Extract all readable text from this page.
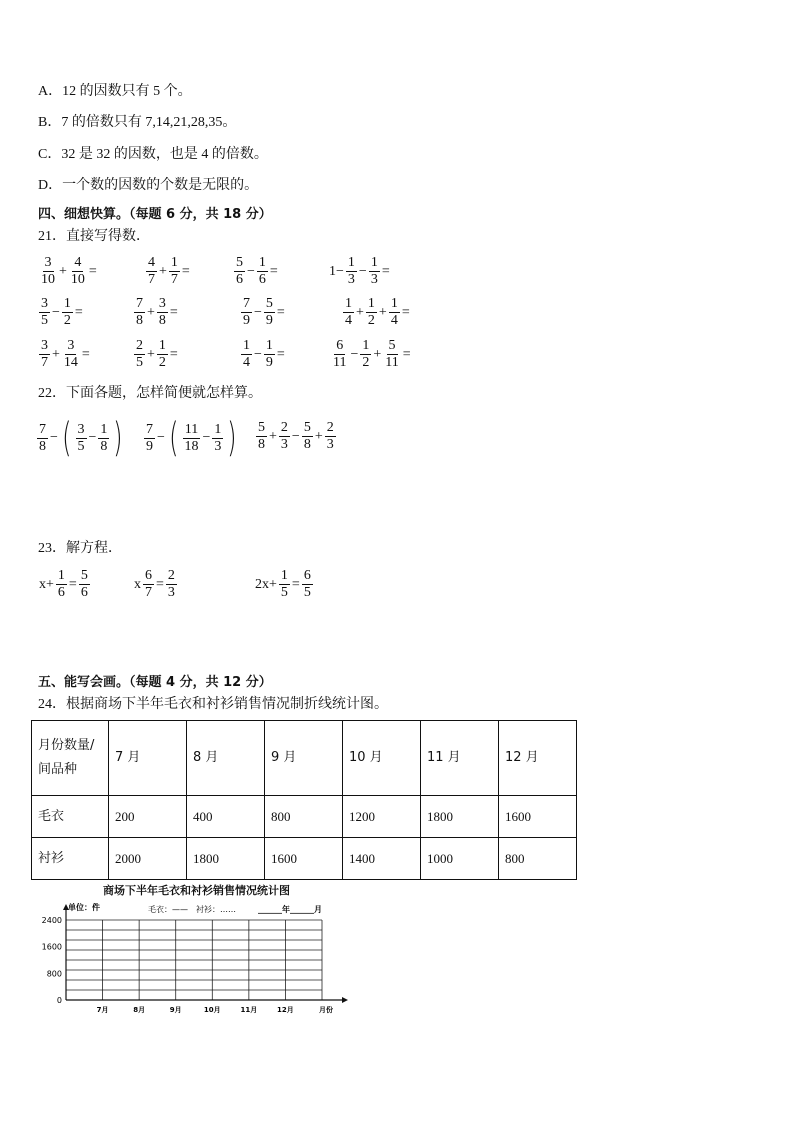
A．12 的因数只有 5 个。
B．7 的倍数只有 7,14,21,28,35。
C．32 是 32 的因数，也是 4 的倍数。
D．一个数的因数的个数是无限的。
四、细想快算。（每题 6 分，共 18 分）
21．直接写得数．
$\frac{3}{10} + \frac{4}{10}$ =	$\frac{4}{7} + \frac{1}{7}$ =	$\frac{5}{6} - \frac{1}{6}$ =	$1- \frac{1}{3} - \frac{1}{3}$ =
$\frac{3}{5} - \frac{1}{2}$ =	$\frac{7}{8} + \frac{3}{8}$ =	$\frac{7}{9} - \frac{5}{9}$ =	$\frac{1}{4} + \frac{1}{2} + \frac{1}{4}$ =
$\frac{3}{7} + \frac{3}{14}$ =	$\frac{2}{5} + \frac{1}{2}$ =	$\frac{1}{4} - \frac{1}{9}$ =	$\frac{6}{11} - \frac{1}{2} + \frac{5}{11}$ =
22．下面各题，怎样简便就怎样算。
$\frac{7}{8}$ − ( $\frac{3}{5} - \frac{1}{8}$ ) $\frac{7}{9}$ − ( $\frac{11}{18} - \frac{1}{3}$ ) $\frac{5}{8} + \frac{2}{3} - \frac{5}{8} + \frac{2}{3}$
23．解方程．
$x+ \frac{1}{6} = \frac{5}{6}$	x $\frac{6}{7} = \frac{2}{3}$	$2x+ \frac{1}{5} = \frac{6}{5}$
五、能写会画。（每题 4 分，共 12 分）
24．根据商场下半年毛衣和衬衫销售情况制折线统计图。
月份数量/
间品种	7 月	8 月	9 月	10 月	11 月	12 月
毛衣	200	400	800	1200	1800	1600
衬衫	2000	1800	1600	1400	1000	800
商场下半年毛衣和衬衫销售情况统计图
单位：件	毛衣：——　衬衫：……	______年______月
2400
1600
800
0
7月	8月	9月	10月	11月	12月	月份
